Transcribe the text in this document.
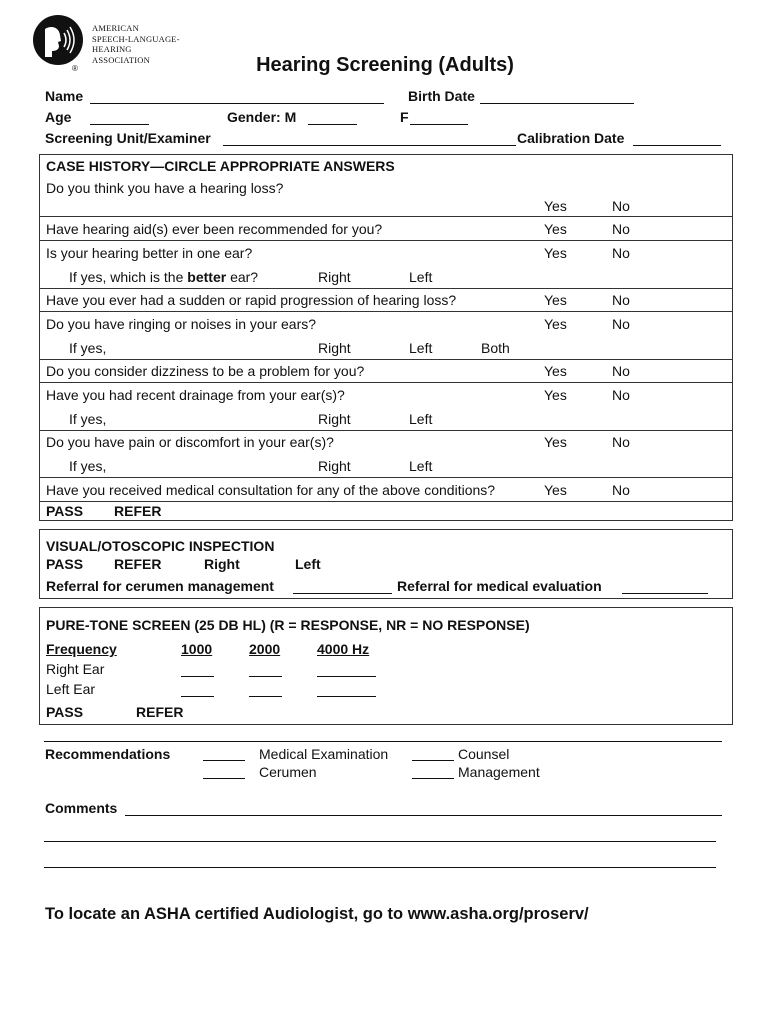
AMERICAN
SPEECH-LANGUAGE-
HEARING
ASSOCIATION
®	Hearing Screening (Adults)
Name	Birth Date
Age	Gender: M	F
Screening Unit/Examiner	Calibration Date
CASE HISTORY—CIRCLE APPROPRIATE ANSWERS
Do you think you have a hearing loss?
Yes	No
Have hearing aid(s) ever been recommended for you?	Yes	No
Is your hearing better in one ear?	Yes	No
If yes, which is the better ear?	Right	Left
Have you ever had a sudden or rapid progression of hearing loss?	Yes	No
Do you have ringing or noises in your ears?	Yes	No
If yes,	Right	Left	Both
Do you consider dizziness to be a problem for you?	Yes	No
Have you had recent drainage from your ear(s)?	Yes	No
If yes,	Right	Left
Do you have pain or discomfort in your ear(s)?	Yes	No
If yes,	Right	Left
Have you received medical consultation for any of the above conditions?	Yes	No
PASS REFER
VISUAL/OTOSCOPIC INSPECTION
PASS REFER	Right	Left
Referral for cerumen management	Referral for medical evaluation
PURE-TONE SCREEN (25 DB HL) (R = RESPONSE, NR = NO RESPONSE)
Frequency	1000	2000	4000 Hz
Right Ear
Left Ear
PASS	REFER
Recommendations	Medical Examination	Counsel
Cerumen	Management
Comments
To locate an ASHA certified Audiologist, go to www.asha.org/proserv/
